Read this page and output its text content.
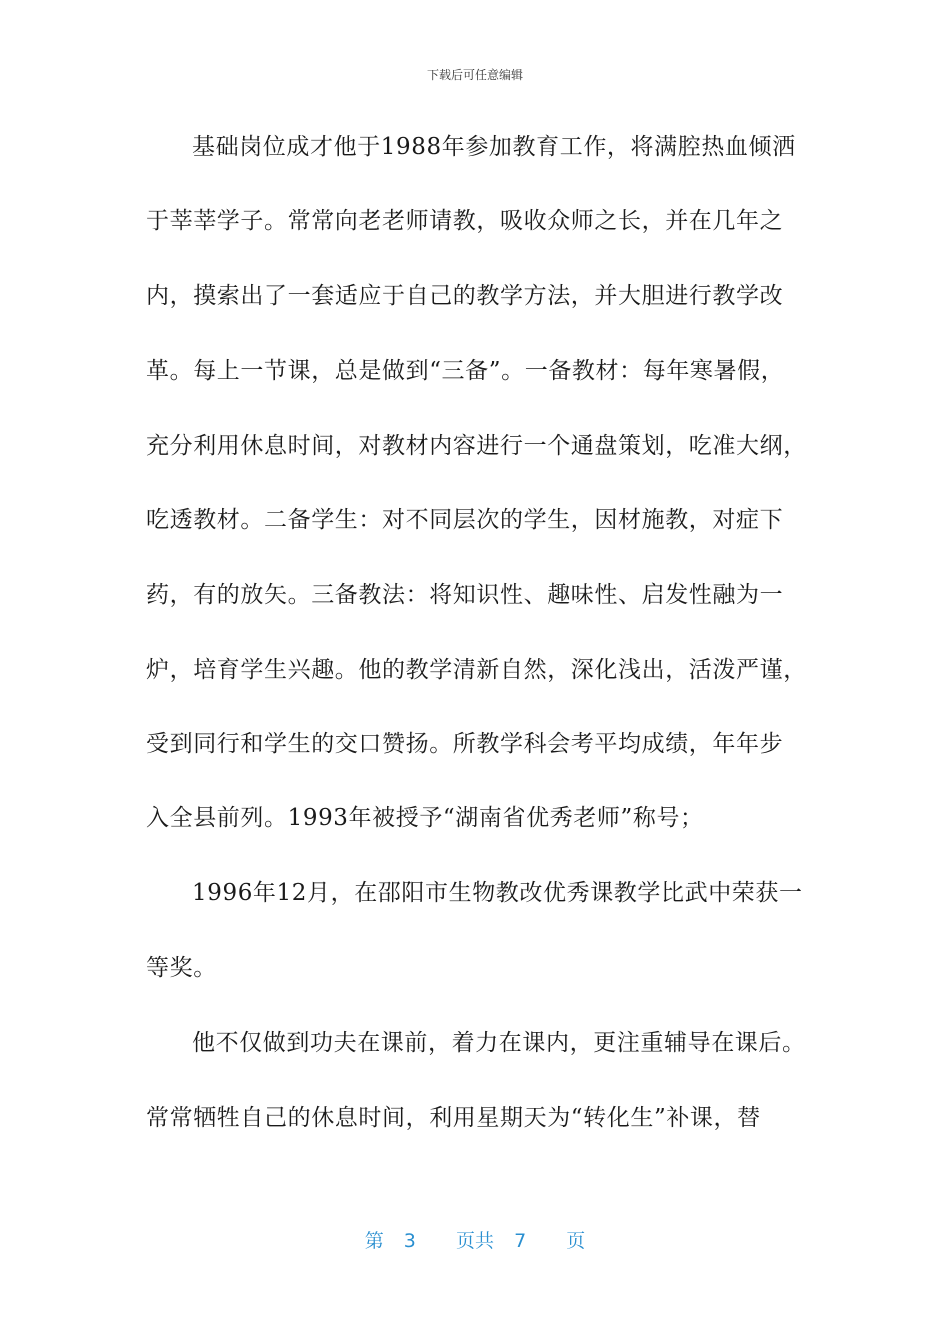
下载后可任意编辑
基础岗位成才他于1988年参加教育工作，将满腔热血倾洒
于莘莘学子。常常向老老师请教，吸收众师之长，并在几年之
内，摸索出了一套适应于自己的教学方法，并大胆进行教学改
革。每上一节课，总是做到“三备”。一备教材：每年寒暑假，
充分利用休息时间，对教材内容进行一个通盘策划，吃准大纲，
吃透教材。二备学生：对不同层次的学生，因材施教，对症下
药，有的放矢。三备教法：将知识性、趣味性、启发性融为一
炉，培育学生兴趣。他的教学清新自然，深化浅出，活泼严谨，
受到同行和学生的交口赞扬。所教学科会考平均成绩，年年步
入全县前列。1993年被授予“湖南省优秀老师”称号；
1996年12月，在邵阳市生物教改优秀课教学比武中荣获一
等奖。
他不仅做到功夫在课前，着力在课内，更注重辅导在课后。
常常牺牲自己的休息时间，利用星期天为“转化生”补课，替
第 3 页共 7 页
